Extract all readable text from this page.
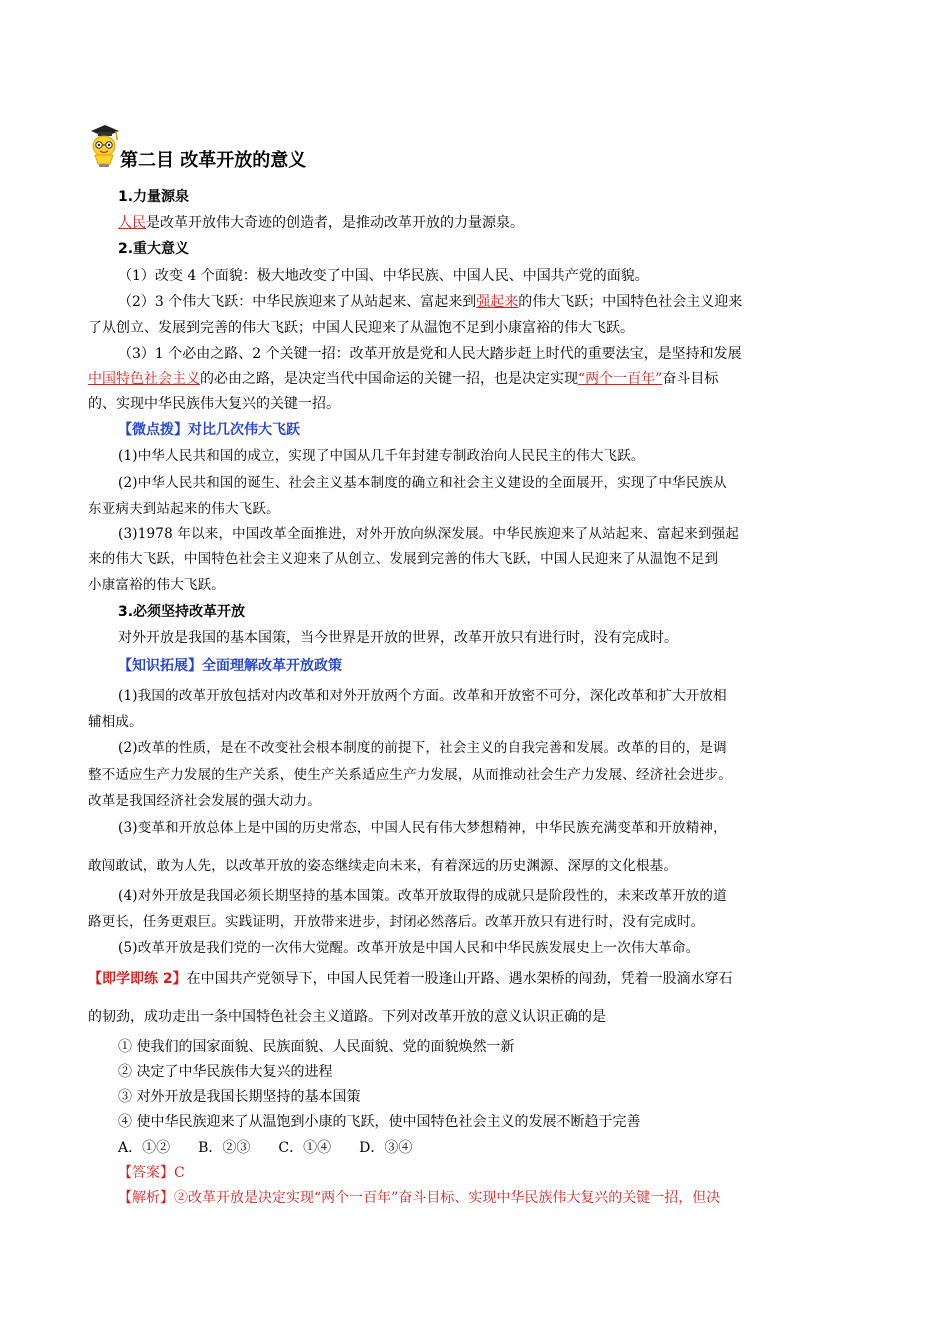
第二目 改革开放的意义
1.力量源泉
人民是改革开放伟大奇迹的创造者，是推动改革开放的力量源泉。
2.重大意义
（1）改变 4 个面貌：极大地改变了中国、中华民族、中国人民、中国共产党的面貌。
（2）3 个伟大飞跃：中华民族迎来了从站起来、富起来到强起来的伟大飞跃；中国特色社会主义迎来
了从创立、发展到完善的伟大飞跃；中国人民迎来了从温饱不足到小康富裕的伟大飞跃。
（3）1 个必由之路、2 个关键一招：改革开放是党和人民大踏步赶上时代的重要法宝，是坚持和发展
中国特色社会主义的必由之路，是决定当代中国命运的关键一招，也是决定实现“两个一百年”奋斗目标
的、实现中华民族伟大复兴的关键一招。
【微点拨】对比几次伟大飞跃
(1)中华人民共和国的成立，实现了中国从几千年封建专制政治向人民民主的伟大飞跃。
(2)中华人民共和国的诞生、社会主义基本制度的确立和社会主义建设的全面展开，实现了中华民族从
东亚病夫到站起来的伟大飞跃。
(3)1978 年以来，中国改革全面推进，对外开放向纵深发展。中华民族迎来了从站起来、富起来到强起
来的伟大飞跃，中国特色社会主义迎来了从创立、发展到完善的伟大飞跃，中国人民迎来了从温饱不足到
小康富裕的伟大飞跃。
3.必须坚持改革开放
对外开放是我国的基本国策，当今世界是开放的世界，改革开放只有进行时，没有完成时。
【知识拓展】全面理解改革开放政策
(1)我国的改革开放包括对内改革和对外开放两个方面。改革和开放密不可分，深化改革和扩大开放相
辅相成。
(2)改革的性质，是在不改变社会根本制度的前提下，社会主义的自我完善和发展。改革的目的，是调
整不适应生产力发展的生产关系，使生产关系适应生产力发展，从而推动社会生产力发展、经济社会进步。
改革是我国经济社会发展的强大动力。
(3)变革和开放总体上是中国的历史常态，中国人民有伟大梦想精神，中华民族充满变革和开放精神，
敢闯敢试，敢为人先，以改革开放的姿态继续走向未来，有着深远的历史渊源、深厚的文化根基。
(4)对外开放是我国必须长期坚持的基本国策。改革开放取得的成就只是阶段性的，未来改革开放的道
路更长，任务更艰巨。实践证明，开放带来进步，封闭必然落后。改革开放只有进行时，没有完成时。
(5)改革开放是我们党的一次伟大觉醒。改革开放是中国人民和中华民族发展史上一次伟大革命。
【即学即练 2】在中国共产党领导下，中国人民凭着一股逢山开路、遇水架桥的闯劲，凭着一股滴水穿石
的韧劲，成功走出一条中国特色社会主义道路。下列对改革开放的意义认识正确的是
① 使我们的国家面貌、民族面貌、人民面貌、党的面貌焕然一新
② 决定了中华民族伟大复兴的进程
③ 对外开放是我国长期坚持的基本国策
④ 使中华民族迎来了从温饱到小康的飞跃，使中国特色社会主义的发展不断趋于完善
A．①②　　B．②③　　C．①④　　D．③④
【答案】C
【解析】②改革开放是决定实现“两个一百年”奋斗目标、实现中华民族伟大复兴的关键一招，但决
